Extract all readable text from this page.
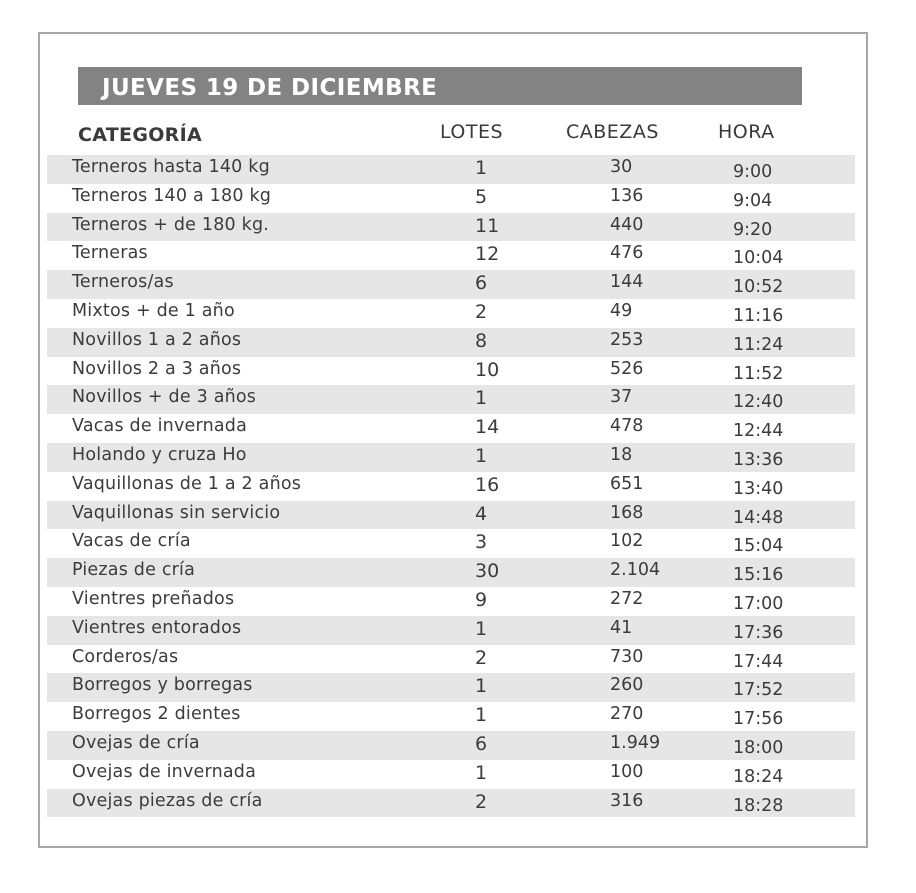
JUEVES 19 DE DICIEMBRE
CATEGORÍA	LOTES	CABEZAS	HORA
Terneros hasta 140 kg	1	30	9:00
Terneros 140 a 180 kg	5	136	9:04
Terneros + de 180 kg.	11	440	9:20
Terneras	12	476	10:04
Terneros/as	6	144	10:52
Mixtos + de 1 año	2	49	11:16
Novillos 1 a 2 años	8	253	11:24
Novillos 2 a 3 años	10	526	11:52
Novillos + de 3 años	1	37	12:40
Vacas de invernada	14	478	12:44
Holando y cruza Ho	1	18	13:36
Vaquillonas de 1 a 2 años	16	651	13:40
Vaquillonas sin servicio	4	168	14:48
Vacas de cría	3	102	15:04
Piezas de cría	30	2.104	15:16
Vientres preñados	9	272	17:00
Vientres entorados	1	41	17:36
Corderos/as	2	730	17:44
Borregos y borregas	1	260	17:52
Borregos 2 dientes	1	270	17:56
Ovejas de cría	6	1.949	18:00
Ovejas de invernada	1	100	18:24
Ovejas piezas de cría	2	316	18:28
